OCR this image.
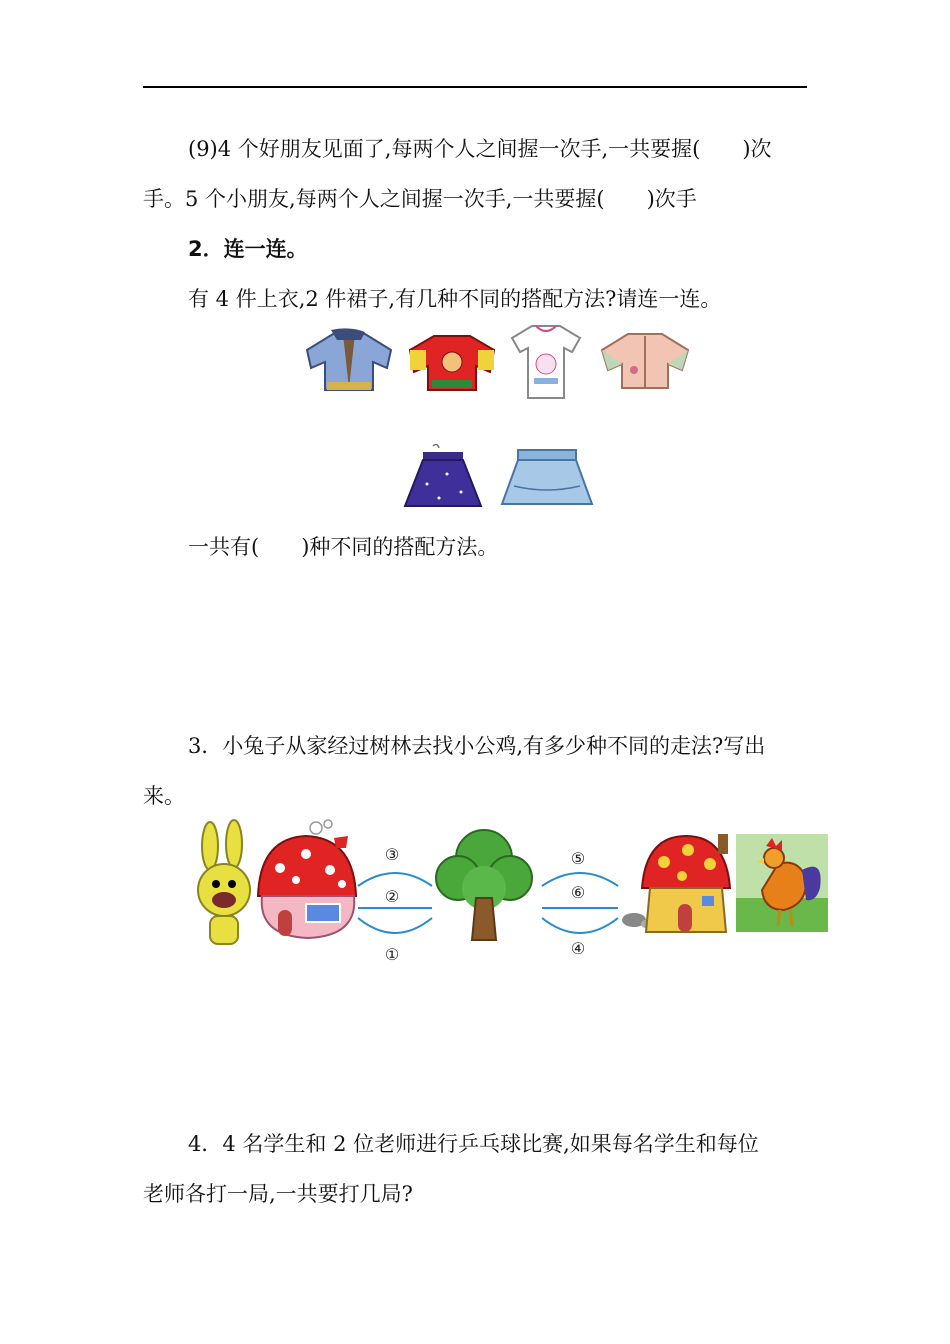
(9)4 个好朋友见面了,每两个人之间握一次手,一共要握(　　)次
手。5 个小朋友,每两个人之间握一次手,一共要握(　　)次手
2．连一连。
有 4 件上衣,2 件裙子,有几种不同的搭配方法?请连一连。
一共有(　　)种不同的搭配方法。
3．小兔子从家经过树林去找小公鸡,有多少种不同的走法?写出
来。
③
②
①
⑤
⑥
④
4．4 名学生和 2 位老师进行乒乓球比赛,如果每名学生和每位
老师各打一局,一共要打几局?
